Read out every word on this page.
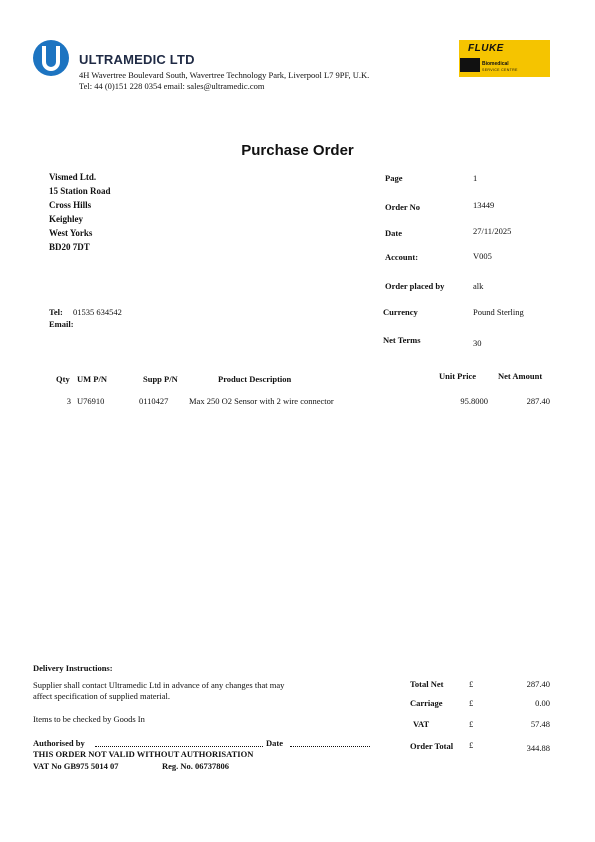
ULTRAMEDIC LTD
4H Wavertree Boulevard South, Wavertree Technology Park, Liverpool L7 9PF, U.K.
Tel: 44 (0)151 228 0354 email: sales@ultramedic.com
FLUKE
Biomedical
SERVICE CENTRE
Purchase Order
Vismed Ltd.
15 Station Road
Cross Hills
Keighley
West Yorks
BD20 7DT
Tel: 01535 634542
Email:
Page	1
Order No	13449
Date	27/11/2025
Account:	V005
Order placed by	alk
Currency	Pound Sterling
Net Terms	30
Qty UM P/N	Supp P/N	Product Description	Unit Price	Net Amount
3 U76910	0110427 Max 250 O2 Sensor with 2 wire connector	95.8000	287.40
Delivery Instructions:
Supplier shall contact Ultramedic Ltd in advance of any changes that may
affect specification of supplied material.
Items to be checked by Goods In
Authorised by	Date
THIS ORDER NOT VALID WITHOUT AUTHORISATION
VAT No GB975 5014 07	Reg. No. 06737806
Total Net	£	287.40
Carriage	£	0.00
VAT	£	57.48
Order Total £	344.88
